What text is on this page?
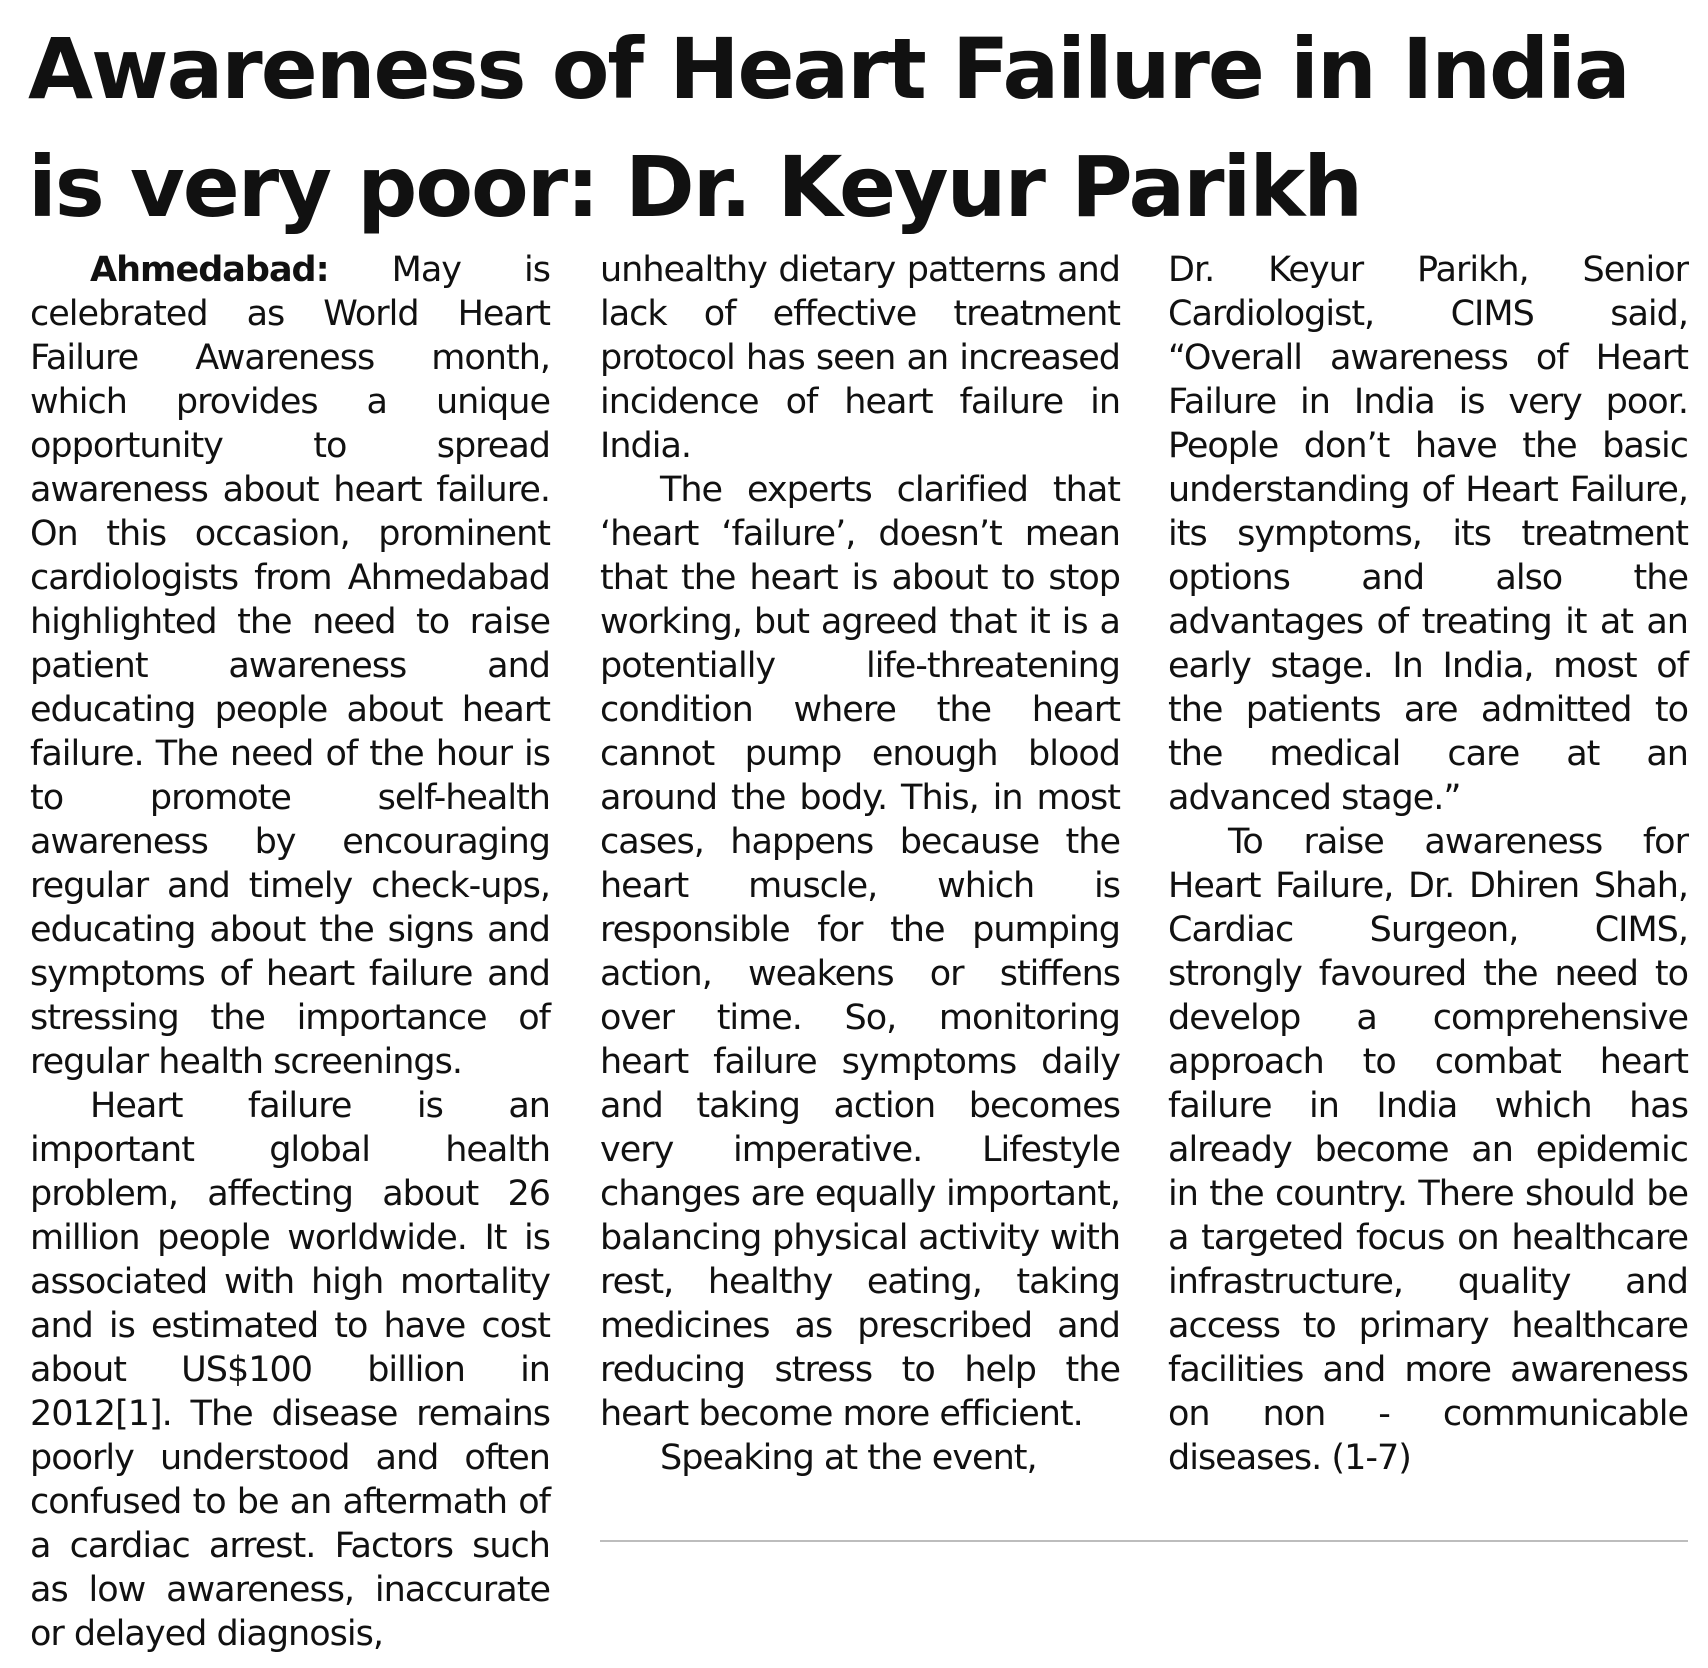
Awareness of Heart Failure in India
is very poor: Dr. Keyur Parikh

Ahmedabad: May is celebrated as World Heart Failure Awareness month, which provides a unique opportunity to spread awareness about heart failure. On this occasion, prominent cardiologists from Ahmedabad highlighted the need to raise patient awareness and educating people about heart failure. The need of the hour is to promote self-health awareness by encouraging regular and timely check-ups, educating about the signs and symptoms of heart failure and stressing the importance of regular health screenings.

Heart failure is an important global health problem, affecting about 26 million people worldwide. It is associated with high mortality and is estimated to have cost about US$100 billion in 2012[1]. The disease remains poorly understood and often confused to be an aftermath of a cardiac arrest. Factors such as low awareness, inaccurate or delayed diagnosis,

unhealthy dietary patterns and lack of effective treatment protocol has seen an increased incidence of heart failure in India.

The experts clarified that ‘heart ‘failure’, doesn’t mean that the heart is about to stop working, but agreed that it is a potentially life-threatening condition where the heart cannot pump enough blood around the body. This, in most cases, happens because the heart muscle, which is responsible for the pumping action, weakens or stiffens over time. So, monitoring heart failure symptoms daily and taking action becomes very imperative. Lifestyle changes are equally important, balancing physical activity with rest, healthy eating, taking medicines as prescribed and reducing stress to help the heart become more efficient.

Speaking at the event,

Dr. Keyur Parikh, Senior Cardiologist, CIMS said, “Overall awareness of Heart Failure in India is very poor. People don’t have the basic understanding of Heart Failure, its symptoms, its treatment options and also the advantages of treating it at an early stage. In India, most of the patients are admitted to the medical care at an advanced stage.”

To raise awareness for Heart Failure, Dr. Dhiren Shah, Cardiac Surgeon, CIMS, strongly favoured the need to develop a comprehensive approach to combat heart failure in India which has already become an epidemic in the country. There should be a targeted focus on healthcare infrastructure, quality and access to primary healthcare facilities and more awareness on non - communicable diseases. (1-7)
